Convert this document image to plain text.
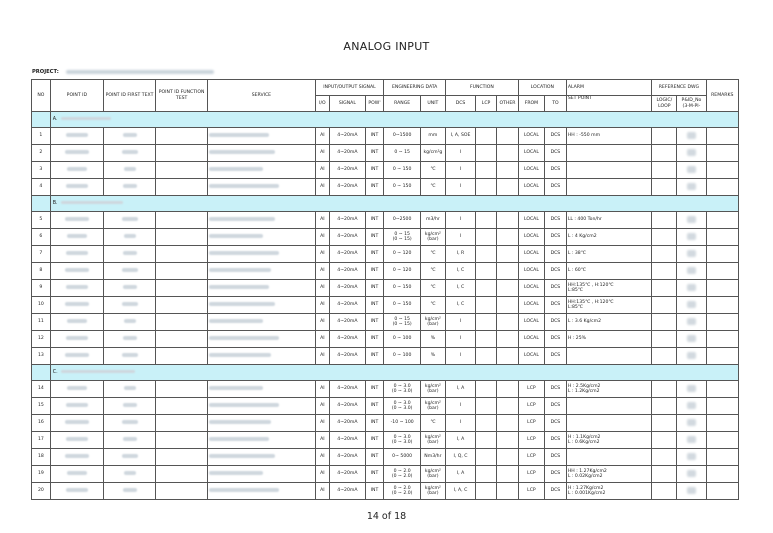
ANALOG INPUT
PROJECT:
NO	POINT ID	POINT ID FIRST TEXT	POINT ID FUNCTION TEST	SERVICE	INPUT/OUTPUT SIGNAL			ENGINEERING DATA		FUNCTION			LOCATION		ALARM	REFERENCE DWG		REMARKS
					I/O	SIGNAL	POW'	RANGE	UNIT	DCS	LCP	OTHER	FROM	TO	SET POINT	LOGIC/ LOOP	P&ID_No (3-M-PI-	
	A.																	
1					AI	4~20mA	INT	0~1500	mm	I, A, SOE			LOCAL	DCS	HH : -550 mm			
2					AI	4~20mA	INT	0 ~ 15	kg/cm²g	I			LOCAL	DCS				
3					AI	4~20mA	INT	0 ~ 150	℃	I			LOCAL	DCS				
4					AI	4~20mA	INT	0 ~ 150	℃	I			LOCAL	DCS				
	B.																	
5					AI	4~20mA	INT	0~2500	m3/hr	I			LOCAL	DCS	LL : 400 Ton/hr			
6					AI	4~20mA	INT	0 ~ 15
(0 ~ 15)	kg/cm²
(bar)	I			LOCAL	DCS	L : 4 Kg/cm2			
7					AI	4~20mA	INT	0 ~ 120	℃	I, R			LOCAL	DCS	L : 38℃			
8					AI	4~20mA	INT	0 ~ 120	℃	I, C			LOCAL	DCS	L : 60℃			
9					AI	4~20mA	INT	0 ~ 150	℃	I, C			LOCAL	DCS	HH:135℃ , H:120℃
L:85℃			
10					AI	4~20mA	INT	0 ~ 150	℃	I, C			LOCAL	DCS	HH:135℃ , H:120℃
L:85℃			
11					AI	4~20mA	INT	0 ~ 15
(0 ~ 15)	kg/cm²
(bar)	I			LOCAL	DCS	L : 3.6 Kg/cm2			
12					AI	4~20mA	INT	0 ~ 100	%	I			LOCAL	DCS	H : 25%			
13					AI	4~20mA	INT	0 ~ 100	%	I			LOCAL	DCS				
	C.																	
14					AI	4~20mA	INT	0 ~ 3.0
(0 ~ 3.0)	kg/cm²
(bar)	I, A			LCP	DCS	H : 2.5Kg/cm2
L : 1.2Kg/cm2			
15					AI	4~20mA	INT	0 ~ 3.0
(0 ~ 3.0)	kg/cm²
(bar)	I			LCP	DCS				
16					AI	4~20mA	INT	-10 ~ 100	℃	I			LCP	DCS				
17					AI	4~20mA	INT	0 ~ 3.0
(0 ~ 3.0)	kg/cm²
(bar)	I, A			LCP	DCS	H : 1.1Kg/cm2
L : 0.6Kg/cm2			
18					AI	4~20mA	INT	0~ 5000	Nm3/hr	I, Q, C			LCP	DCS				
19					AI	4~20mA	INT	0 ~ 2.0
(0 ~ 2.0)	kg/cm²
(bar)	I, A			LCP	DCS	HH : 1.27Kg/cm2
L : 0.02Kg/cm2			
20					AI	4~20mA	INT	0 ~ 2.0
(0 ~ 2.0)	kg/cm²
(bar)	I, A, C			LCP	DCS	H : 1.27Kg/cm2
L : 0.001Kg/cm2			
14 of 18
